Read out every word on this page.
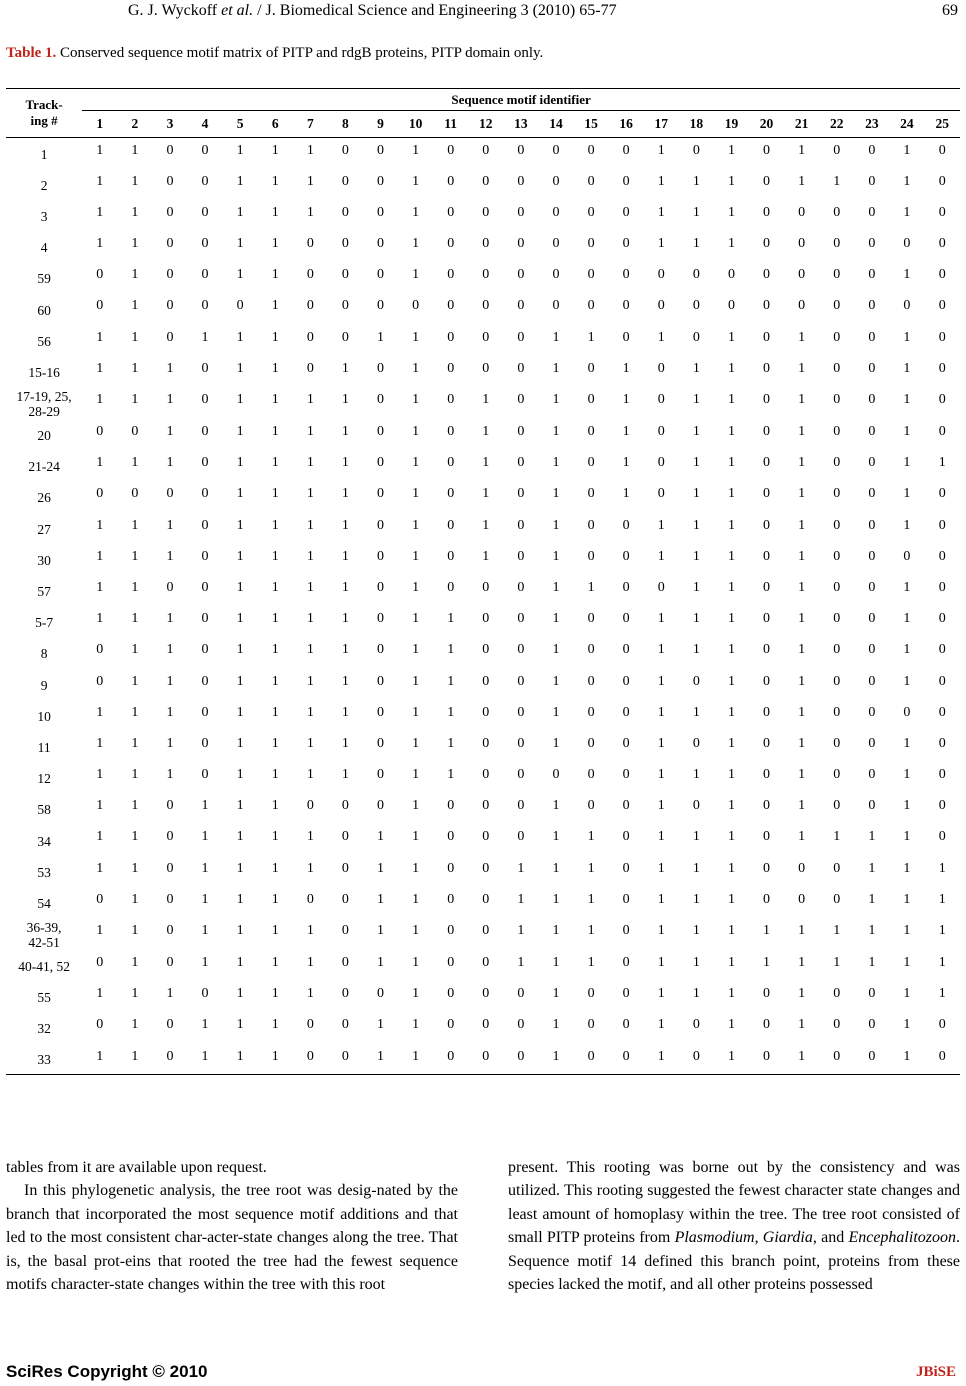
G. J. Wyckoff et al. / J. Biomedical Science and Engineering 3 (2010) 65-77	69
Table 1. Conserved sequence motif matrix of PITP and rdgB proteins, PITP domain only.
Track-
ing #	Sequence motif identifier																								
	1	2	3	4	5	6	7	8	9	10	11	12	13	14	15	16	17	18	19	20	21	22	23	24	25

1	1	1	0	0	1	1	1	0	0	1	0	0	0	0	0	0	1	0	1	0	1	0	0	1	0

2	1	1	0	0	1	1	1	0	0	1	0	0	0	0	0	0	1	1	1	0	1	1	0	1	0

3	1	1	0	0	1	1	1	0	0	1	0	0	0	0	0	0	1	1	1	0	0	0	0	1	0

4	1	1	0	0	1	1	0	0	0	1	0	0	0	0	0	0	1	1	1	0	0	0	0	0	0

59	0	1	0	0	1	1	0	0	0	1	0	0	0	0	0	0	0	0	0	0	0	0	0	1	0

60	0	1	0	0	0	1	0	0	0	0	0	0	0	0	0	0	0	0	0	0	0	0	0	0	0

56	1	1	0	1	1	1	0	0	1	1	0	0	0	1	1	0	1	0	1	0	1	0	0	1	0

15-16	1	1	1	0	1	1	0	1	0	1	0	0	0	1	0	1	0	1	1	0	1	0	0	1	0

17-19, 25,
28-29	1	1	1	0	1	1	1	1	0	1	0	1	0	1	0	1	0	1	1	0	1	0	0	1	0

20	0	0	1	0	1	1	1	1	0	1	0	1	0	1	0	1	0	1	1	0	1	0	0	1	0

21-24	1	1	1	0	1	1	1	1	0	1	0	1	0	1	0	1	0	1	1	0	1	0	0	1	1

26	0	0	0	0	1	1	1	1	0	1	0	1	0	1	0	1	0	1	1	0	1	0	0	1	0

27	1	1	1	0	1	1	1	1	0	1	0	1	0	1	0	0	1	1	1	0	1	0	0	1	0

30	1	1	1	0	1	1	1	1	0	1	0	1	0	1	0	0	1	1	1	0	1	0	0	0	0

57	1	1	0	0	1	1	1	1	0	1	0	0	0	1	1	0	0	1	1	0	1	0	0	1	0

5-7	1	1	1	0	1	1	1	1	0	1	1	0	0	1	0	0	1	1	1	0	1	0	0	1	0

8	0	1	1	0	1	1	1	1	0	1	1	0	0	1	0	0	1	1	1	0	1	0	0	1	0

9	0	1	1	0	1	1	1	1	0	1	1	0	0	1	0	0	1	0	1	0	1	0	0	1	0

10	1	1	1	0	1	1	1	1	0	1	1	0	0	1	0	0	1	1	1	0	1	0	0	0	0

11	1	1	1	0	1	1	1	1	0	1	1	0	0	1	0	0	1	0	1	0	1	0	0	1	0

12	1	1	1	0	1	1	1	1	0	1	1	0	0	0	0	0	1	1	1	0	1	0	0	1	0

58	1	1	0	1	1	1	0	0	0	1	0	0	0	1	0	0	1	0	1	0	1	0	0	1	0

34	1	1	0	1	1	1	1	0	1	1	0	0	0	1	1	0	1	1	1	0	1	1	1	1	0

53	1	1	0	1	1	1	1	0	1	1	0	0	1	1	1	0	1	1	1	0	0	0	1	1	1

54	0	1	0	1	1	1	0	0	1	1	0	0	1	1	1	0	1	1	1	0	0	0	1	1	1

36-39,
42-51	1	1	0	1	1	1	1	0	1	1	0	0	1	1	1	0	1	1	1	1	1	1	1	1	1

40-41, 52	0	1	0	1	1	1	1	0	1	1	0	0	1	1	1	0	1	1	1	1	1	1	1	1	1

55	1	1	1	0	1	1	1	0	0	1	0	0	0	1	0	0	1	1	1	0	1	0	0	1	1

32	0	1	0	1	1	1	0	0	1	1	0	0	0	1	0	0	1	0	1	0	1	0	0	1	0

33	1	1	0	1	1	1	0	0	1	1	0	0	0	1	0	0	1	0	1	0	1	0	0	1	0

tables from it are available upon request.

In this phylogenetic analysis, the tree root was desig-nated by the branch that incorporated the most sequence motif additions and that led to the most consistent char-acter-state changes along the tree. That is, the basal prot-eins that rooted the tree had the fewest sequence motifs character-state changes within the tree with this root

present. This rooting was borne out by the consistency and was utilized. This rooting suggested the fewest character state changes and least amount of homoplasy within the tree. The tree root consisted of small PITP proteins from Plasmodium, Giardia, and Encephalitozoon. Sequence motif 14 defined this branch point, proteins from these species lacked the motif, and all other proteins possessed

SciRes Copyright © 2010	JBiSE
